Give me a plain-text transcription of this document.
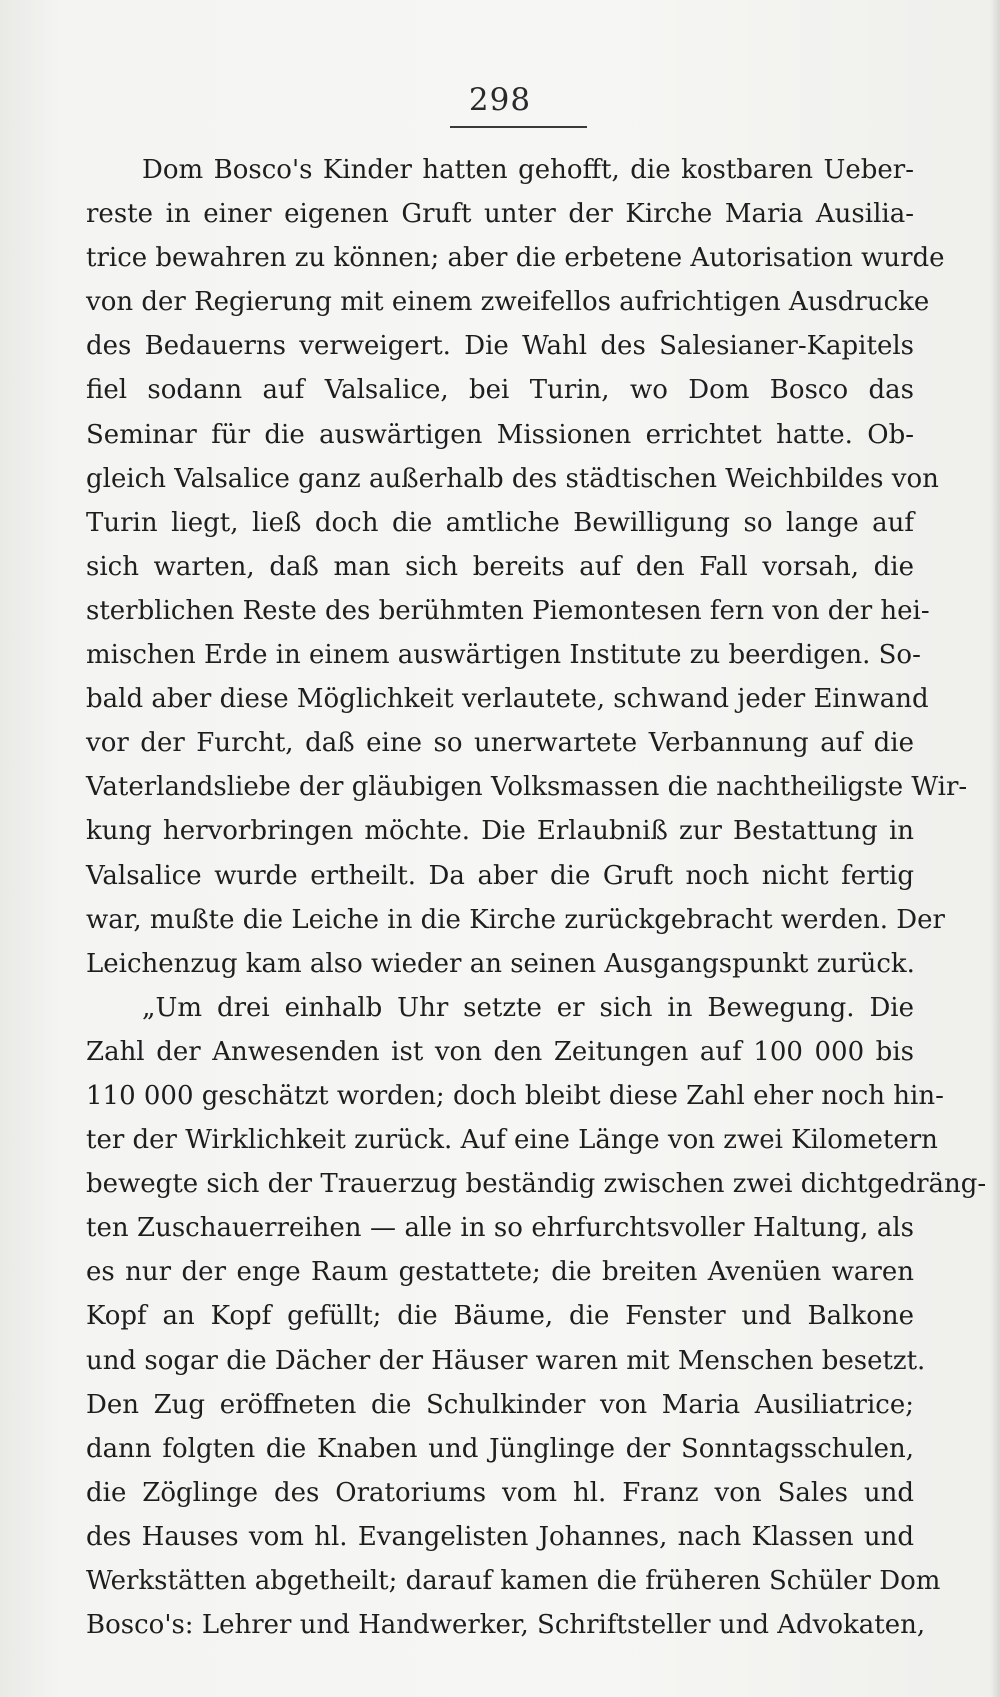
298
Dom Bosco's Kinder hatten gehofft, die kostbaren Ueber-
reste in einer eigenen Gruft unter der Kirche Maria Ausilia-
trice bewahren zu können; aber die erbetene Autorisation wurde
von der Regierung mit einem zweifellos aufrichtigen Ausdrucke
des Bedauerns verweigert. Die Wahl des Salesianer-Kapitels
fiel sodann auf Valsalice, bei Turin, wo Dom Bosco das
Seminar für die auswärtigen Missionen errichtet hatte. Ob-
gleich Valsalice ganz außerhalb des städtischen Weichbildes von
Turin liegt, ließ doch die amtliche Bewilligung so lange auf
sich warten, daß man sich bereits auf den Fall vorsah, die
sterblichen Reste des berühmten Piemontesen fern von der hei-
mischen Erde in einem auswärtigen Institute zu beerdigen. So-
bald aber diese Möglichkeit verlautete, schwand jeder Einwand
vor der Furcht, daß eine so unerwartete Verbannung auf die
Vaterlandsliebe der gläubigen Volksmassen die nachtheiligste Wir-
kung hervorbringen möchte. Die Erlaubniß zur Bestattung in
Valsalice wurde ertheilt. Da aber die Gruft noch nicht fertig
war, mußte die Leiche in die Kirche zurückgebracht werden. Der
Leichenzug kam also wieder an seinen Ausgangspunkt zurück.
„Um drei einhalb Uhr setzte er sich in Bewegung. Die
Zahl der Anwesenden ist von den Zeitungen auf 100 000 bis
110 000 geschätzt worden; doch bleibt diese Zahl eher noch hin-
ter der Wirklichkeit zurück. Auf eine Länge von zwei Kilometern
bewegte sich der Trauerzug beständig zwischen zwei dichtgedräng-
ten Zuschauerreihen — alle in so ehrfurchtsvoller Haltung, als
es nur der enge Raum gestattete; die breiten Avenüen waren
Kopf an Kopf gefüllt; die Bäume, die Fenster und Balkone
und sogar die Dächer der Häuser waren mit Menschen besetzt.
Den Zug eröffneten die Schulkinder von Maria Ausiliatrice;
dann folgten die Knaben und Jünglinge der Sonntagsschulen,
die Zöglinge des Oratoriums vom hl. Franz von Sales und
des Hauses vom hl. Evangelisten Johannes, nach Klassen und
Werkstätten abgetheilt; darauf kamen die früheren Schüler Dom
Bosco's: Lehrer und Handwerker, Schriftsteller und Advokaten,
